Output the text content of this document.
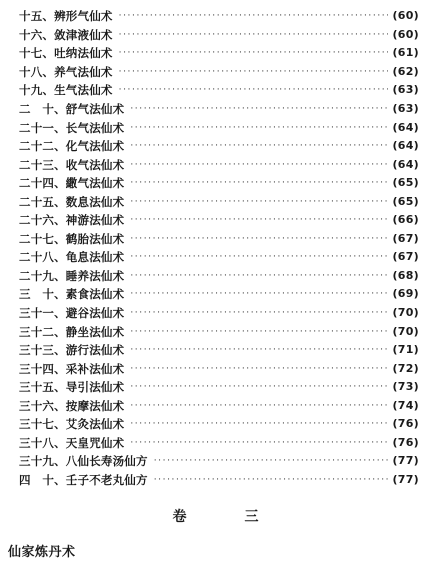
十五、辨形气仙术 ·····	(60)
十六、敛津液仙术 ·····	(60)
十七、吐纳法仙术 ·····	(61)
十八、养气法仙术 ·····	(62)
十九、生气法仙术 ·····	(63)
二　十、舒气法仙术 ·····	(63)
二十一、长气法仙术 ·····	(64)
二十二、化气法仙术 ·····	(64)
二十三、收气法仙术 ·····	(64)
二十四、繖气法仙术 ·····	(65)
二十五、数息法仙术 ·····	(65)
二十六、神游法仙术 ·····	(66)
二十七、鹤胎法仙术 ·····	(67)
二十八、龟息法仙术 ·····	(67)
二十九、睡养法仙术 ·····	(68)
三　十、素食法仙术 ·····	(69)
三十一、避谷法仙术 ·····	(70)
三十二、静坐法仙术 ·····	(70)
三十三、游行法仙术 ·····	(71)
三十四、采补法仙术 ·····	(72)
三十五、导引法仙术 ·····	(73)
三十六、按摩法仙术 ·····	(74)
三十七、艾灸法仙术 ·····	(76)
三十八、天皇咒仙术 ·····	(76)
三十九、八仙长寿汤仙方 ·····	(77)
四　十、壬子不老丸仙方 ·····	(77)
卷　三
仙家炼丹术
